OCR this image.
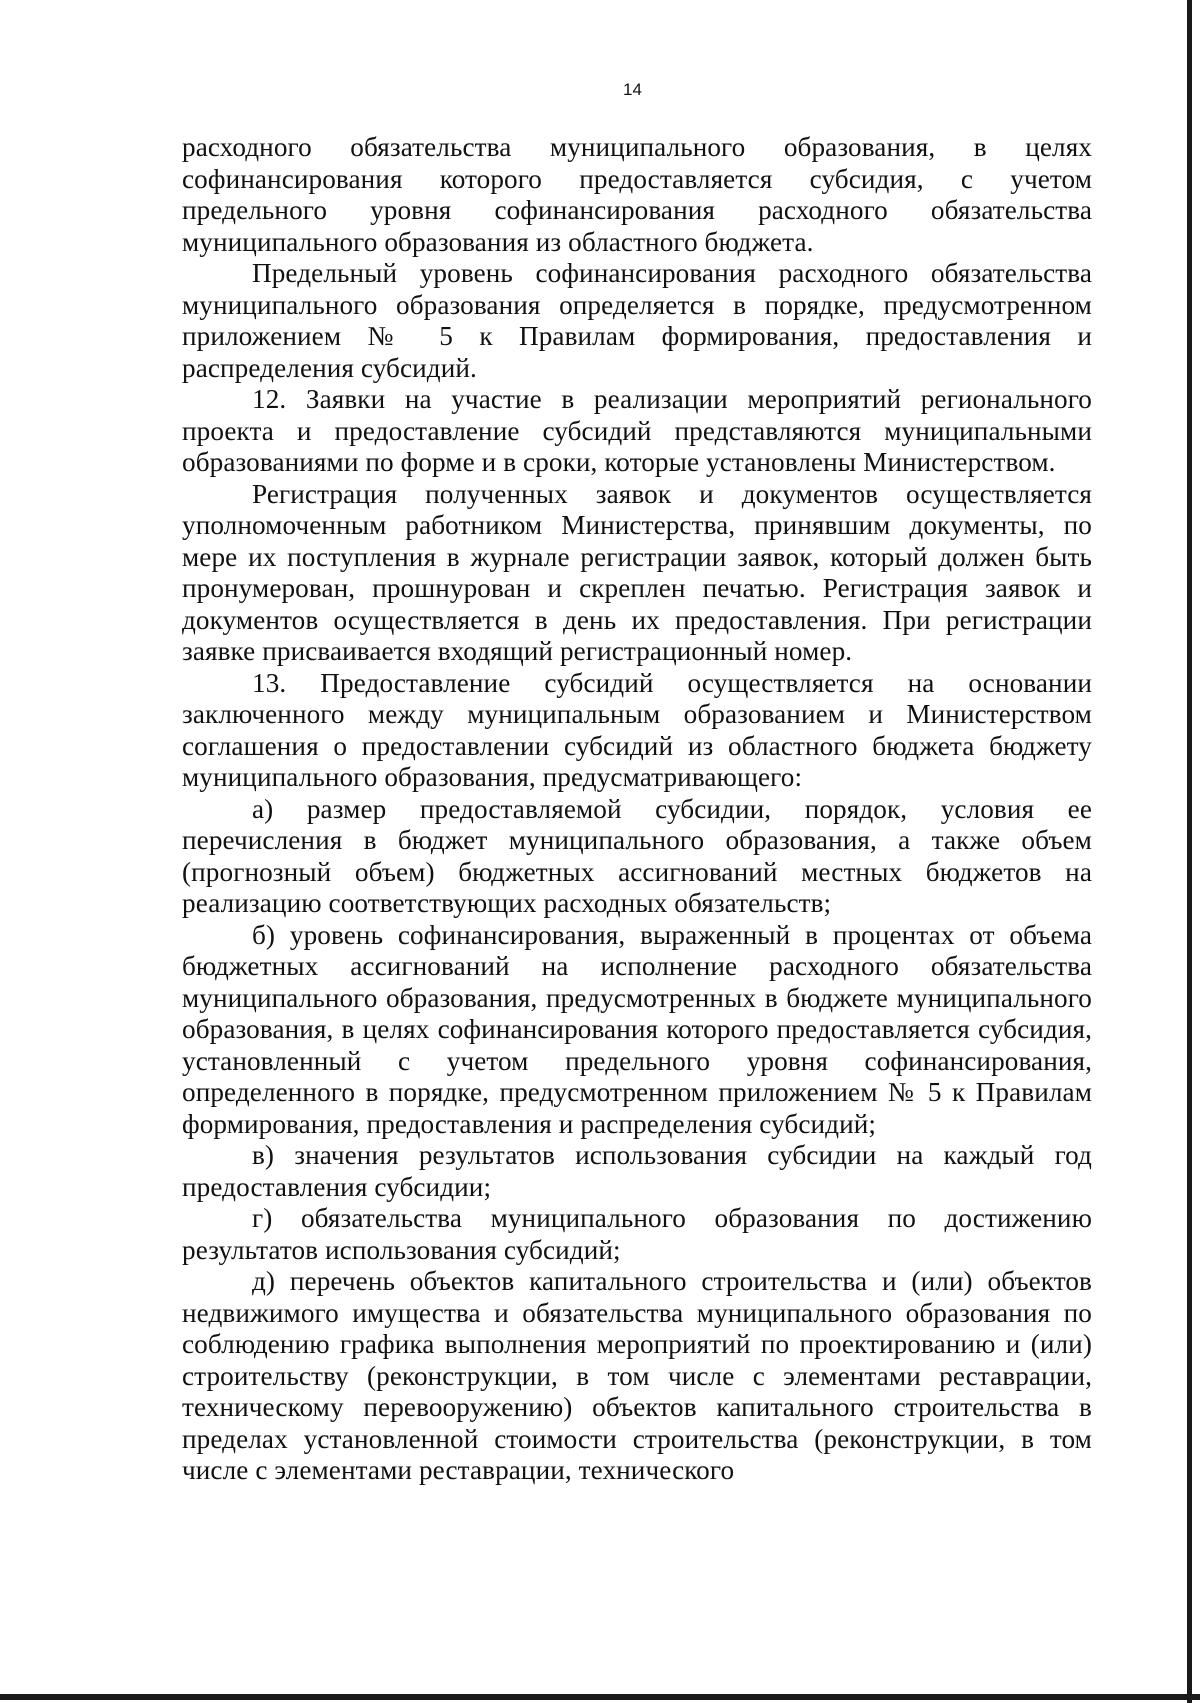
14

расходного обязательства муниципального образования, в целях софинансирования которого предоставляется субсидия, с учетом предельного уровня софинансирования расходного обязательства муниципального образования из областного бюджета.

Предельный уровень софинансирования расходного обязательства муниципального образования определяется в порядке, предусмотренном приложением № 5 к Правилам формирования, предоставления и распределения субсидий.

12. Заявки на участие в реализации мероприятий регионального проекта и предоставление субсидий представляются муниципальными образованиями по форме и в сроки, которые установлены Министерством.

Регистрация полученных заявок и документов осуществляется уполномоченным работником Министерства, принявшим документы, по мере их поступления в журнале регистрации заявок, который должен быть пронумерован, прошнурован и скреплен печатью. Регистрация заявок и документов осуществляется в день их предоставления. При регистрации заявке присваивается входящий регистрационный номер.

13. Предоставление субсидий осуществляется на основании заключенного между муниципальным образованием и Министерством соглашения о предоставлении субсидий из областного бюджета бюджету муниципального образования, предусматривающего:

а) размер предоставляемой субсидии, порядок, условия ее перечисления в бюджет муниципального образования, а также объем (прогнозный объем) бюджетных ассигнований местных бюджетов на реализацию соответствующих расходных обязательств;

б) уровень софинансирования, выраженный в процентах от объема бюджетных ассигнований на исполнение расходного обязательства муниципального образования, предусмотренных в бюджете муниципального образования, в целях софинансирования которого предоставляется субсидия, установленный с учетом предельного уровня софинансирования, определенного в порядке, предусмотренном приложением № 5 к Правилам формирования, предоставления и распределения субсидий;

в) значения результатов использования субсидии на каждый год предоставления субсидии;

г) обязательства муниципального образования по достижению результатов использования субсидий;

д) перечень объектов капитального строительства и (или) объектов недвижимого имущества и обязательства муниципального образования по соблюдению графика выполнения мероприятий по проектированию и (или) строительству (реконструкции, в том числе с элементами реставрации, техническому перевооружению) объектов капитального строительства в пределах установленной стоимости строительства (реконструкции, в том числе с элементами реставрации, технического
